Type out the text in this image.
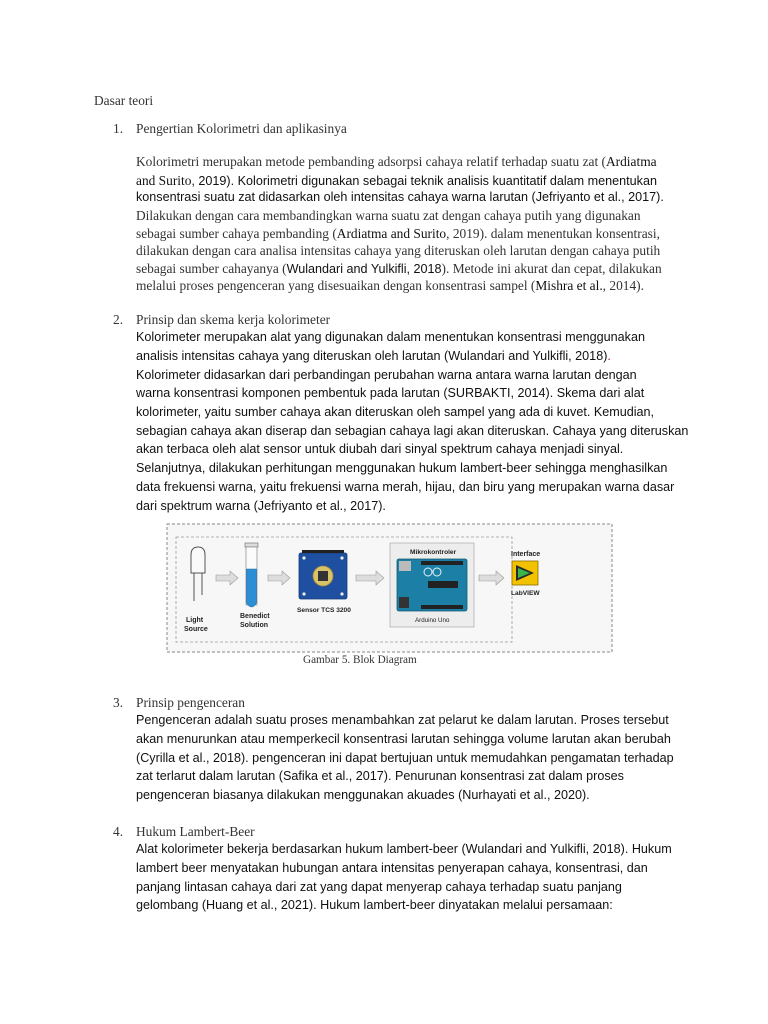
Dasar teori
1. Pengertian Kolorimetri dan aplikasinya
Kolorimetri merupakan metode pembanding adsorpsi cahaya relatif terhadap suatu zat (Ardiatma
and Surito, 2019). Kolorimetri digunakan sebagai teknik analisis kuantitatif dalam menentukan
konsentrasi suatu zat didasarkan oleh intensitas cahaya warna larutan (Jefriyanto et al., 2017).
Dilakukan dengan cara membandingkan warna suatu zat dengan cahaya putih yang digunakan
sebagai sumber cahaya pembanding (Ardiatma and Surito, 2019). dalam menentukan konsentrasi,
dilakukan dengan cara analisa intensitas cahaya yang diteruskan oleh larutan dengan cahaya putih
sebagai sumber cahayanya (Wulandari and Yulkifli, 2018). Metode ini akurat dan cepat, dilakukan
melalui proses pengenceran yang disesuaikan dengan konsentrasi sampel (Mishra et al., 2014).
2. Prinsip dan skema kerja kolorimeter
Kolorimeter merupakan alat yang digunakan dalam menentukan konsentrasi menggunakan
analisis intensitas cahaya yang diteruskan oleh larutan (Wulandari and Yulkifli, 2018).
Kolorimeter didasarkan dari perbandingan perubahan warna antara warna larutan dengan
warna konsentrasi komponen pembentuk pada larutan (SURBAKTI, 2014). Skema dari alat
kolorimeter, yaitu sumber cahaya akan diteruskan oleh sampel yang ada di kuvet. Kemudian,
sebagian cahaya akan diserap dan sebagian cahaya lagi akan diteruskan. Cahaya yang diteruskan
akan terbaca oleh alat sensor untuk diubah dari sinyal spektrum cahaya menjadi sinyal.
Selanjutnya, dilakukan perhitungan menggunakan hukum lambert-beer sehingga menghasilkan
data frekuensi warna, yaitu frekuensi warna merah, hijau, dan biru yang merupakan warna dasar
dari spektrum warna (Jefriyanto et al., 2017).
Light
Source
Benedict
Solution
Sensor TCS 3200
Mikrokontroler
Arduino Uno
Interface
LabVIEW
Gambar 5. Blok Diagram
3. Prinsip pengenceran
Pengenceran adalah suatu proses menambahkan zat pelarut ke dalam larutan. Proses tersebut
akan menurunkan atau memperkecil konsentrasi larutan sehingga volume larutan akan berubah
(Cyrilla et al., 2018). pengenceran ini dapat bertujuan untuk memudahkan pengamatan terhadap
zat terlarut dalam larutan (Safika et al., 2017). Penurunan konsentrasi zat dalam proses
pengenceran biasanya dilakukan menggunakan akuades (Nurhayati et al., 2020).
4. Hukum Lambert-Beer
Alat kolorimeter bekerja berdasarkan hukum lambert-beer (Wulandari and Yulkifli, 2018). Hukum
lambert beer menyatakan hubungan antara intensitas penyerapan cahaya, konsentrasi, dan
panjang lintasan cahaya dari zat yang dapat menyerap cahaya terhadap suatu panjang
gelombang (Huang et al., 2021). Hukum lambert-beer dinyatakan melalui persamaan:
